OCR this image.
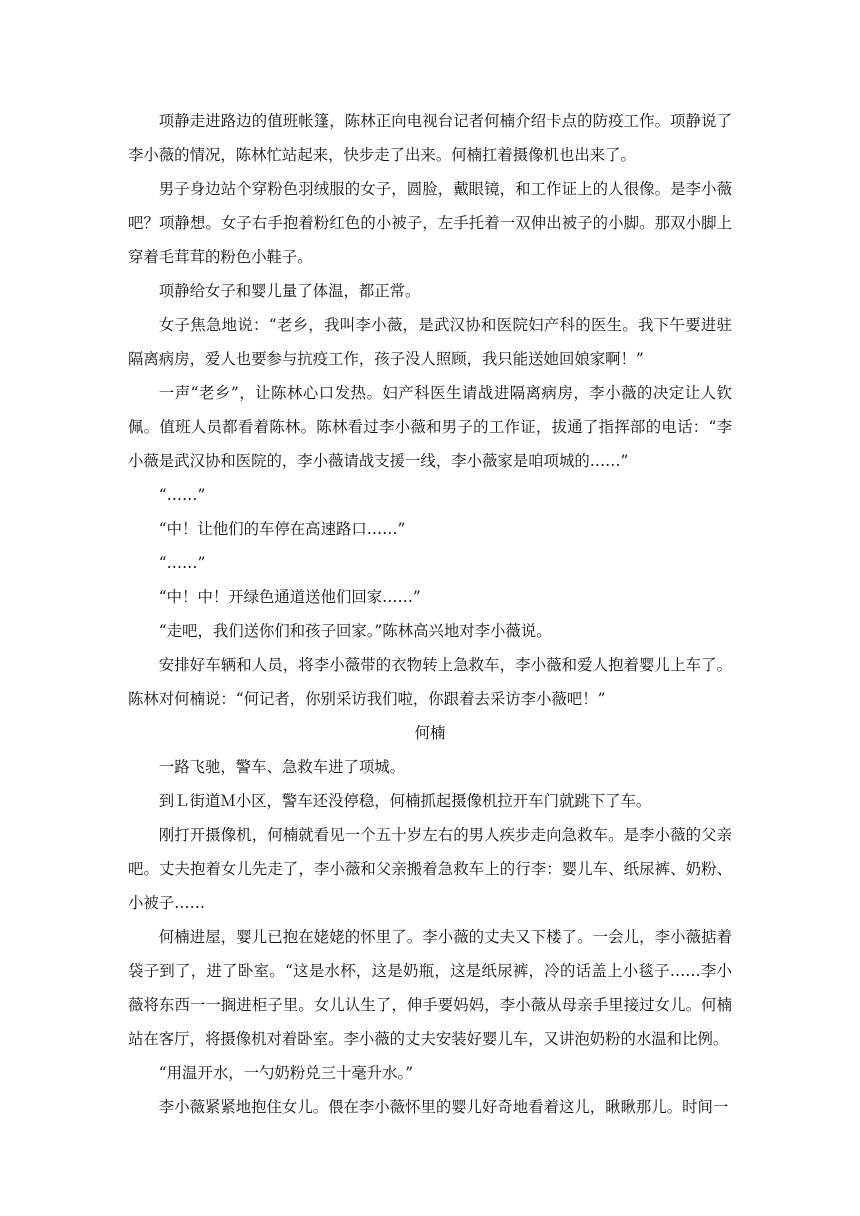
项静走进路边的值班帐篷，陈林正向电视台记者何楠介绍卡点的防疫工作。项静说了李小薇的情况，陈林忙站起来，快步走了出来。何楠扛着摄像机也出来了。

男子身边站个穿粉色羽绒服的女子，圆脸，戴眼镜，和工作证上的人很像。是李小薇吧？项静想。女子右手抱着粉红色的小被子，左手托着一双伸出被子的小脚。那双小脚上穿着毛茸茸的粉色小鞋子。

项静给女子和婴儿量了体温，都正常。

女子焦急地说：“老乡，我叫李小薇，是武汉协和医院妇产科的医生。我下午要进驻隔离病房，爱人也要参与抗疫工作，孩子没人照顾，我只能送她回娘家啊！”

一声“老乡”，让陈林心口发热。妇产科医生请战进隔离病房，李小薇的决定让人钦佩。值班人员都看着陈林。陈林看过李小薇和男子的工作证，拔通了指挥部的电话：“李小薇是武汉协和医院的，李小薇请战支援一线，李小薇家是咱项城的……”

“……”

“中！让他们的车停在高速路口……”

“……”

“中！中！开绿色通道送他们回家……”

“走吧，我们送你们和孩子回家。”陈林高兴地对李小薇说。

安排好车辆和人员，将李小薇带的衣物转上急救车，李小薇和爱人抱着婴儿上车了。陈林对何楠说：“何记者，你别采访我们啦，你跟着去采访李小薇吧！”

何楠

一路飞驰，警车、急救车进了项城。

到Ｌ街道Ｍ小区，警车还没停稳，何楠抓起摄像机拉开车门就跳下了车。

刚打开摄像机，何楠就看见一个五十岁左右的男人疾步走向急救车。是李小薇的父亲吧。丈夫抱着女儿先走了，李小薇和父亲搬着急救车上的行李：婴儿车、纸尿裤、奶粉、小被子……

何楠进屋，婴儿已抱在姥姥的怀里了。李小薇的丈夫又下楼了。一会儿，李小薇掂着袋子到了，进了卧室。“这是水杯，这是奶瓶，这是纸尿裤，冷的话盖上小毯子……李小薇将东西一一搁进柜子里。女儿认生了，伸手要妈妈，李小薇从母亲手里接过女儿。何楠站在客厅，将摄像机对着卧室。李小薇的丈夫安装好婴儿车，又讲泡奶粉的水温和比例。

“用温开水，一勺奶粉兑三十毫升水。”

李小薇紧紧地抱住女儿。偎在李小薇怀里的婴儿好奇地看着这儿，瞅瞅那儿。时间一
